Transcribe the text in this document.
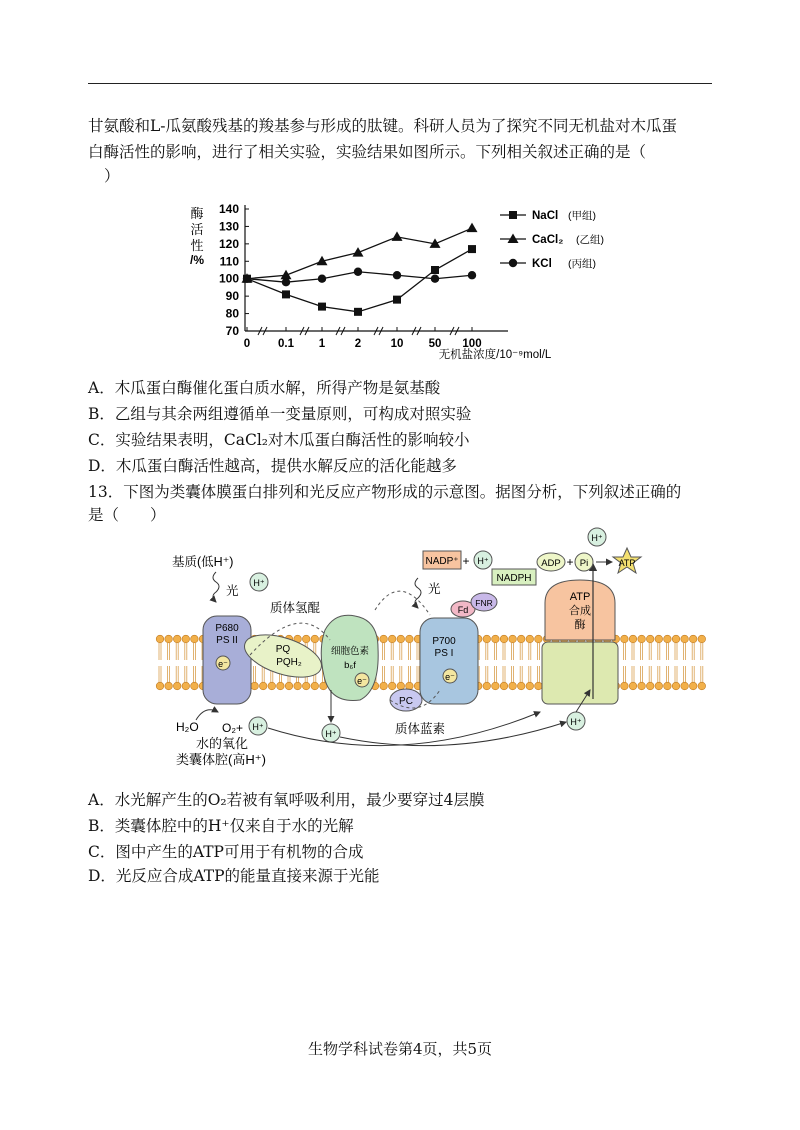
甘氨酸和L-瓜氨酸残基的羧基参与形成的肽键。科研人员为了探究不同无机盐对木瓜蛋
白酶活性的影响，进行了相关实验，实验结果如图所示。下列相关叙述正确的是（
）
酶
活
性
/%
140
130
120
110
100
90
80
70
0 0.1 1	2	10 50 100
NaCl (甲组)
CaCl₂ (乙组)
KCl (丙组)
无机盐浓度/10⁻⁹mol/L
A．木瓜蛋白酶催化蛋白质水解，所得产物是氨基酸
B．乙组与其余两组遵循单一变量原则，可构成对照实验
C．实验结果表明，CaCl₂对木瓜蛋白酶活性的影响较小
D．木瓜蛋白酶活性越高，提供水解反应的活化能越多
13．下图为类囊体膜蛋白排列和光反应产物形成的示意图。据图分析，下列叙述正确的
是（　　）
P680
PS II
e⁻
PQ
PQH₂
细胞色素
b₆f
e⁻
P700
PS I
e⁻
Fd
FNR
PC
质体蓝素
ATP
合成
酶
NADP⁺ + H⁺
NADPH
ADP + Pi	ATP
H⁺
基质(低H⁺)
光	光
H⁺
质体氢醌
H⁺
H⁺	H⁺
H₂O O₂+
水的氧化
类囊体腔(高H⁺)
A．水光解产生的O₂若被有氧呼吸利用，最少要穿过4层膜
B．类囊体腔中的H⁺仅来自于水的光解
C．图中产生的ATP可用于有机物的合成
D．光反应合成ATP的能量直接来源于光能
生物学科试卷第4页，共5页
